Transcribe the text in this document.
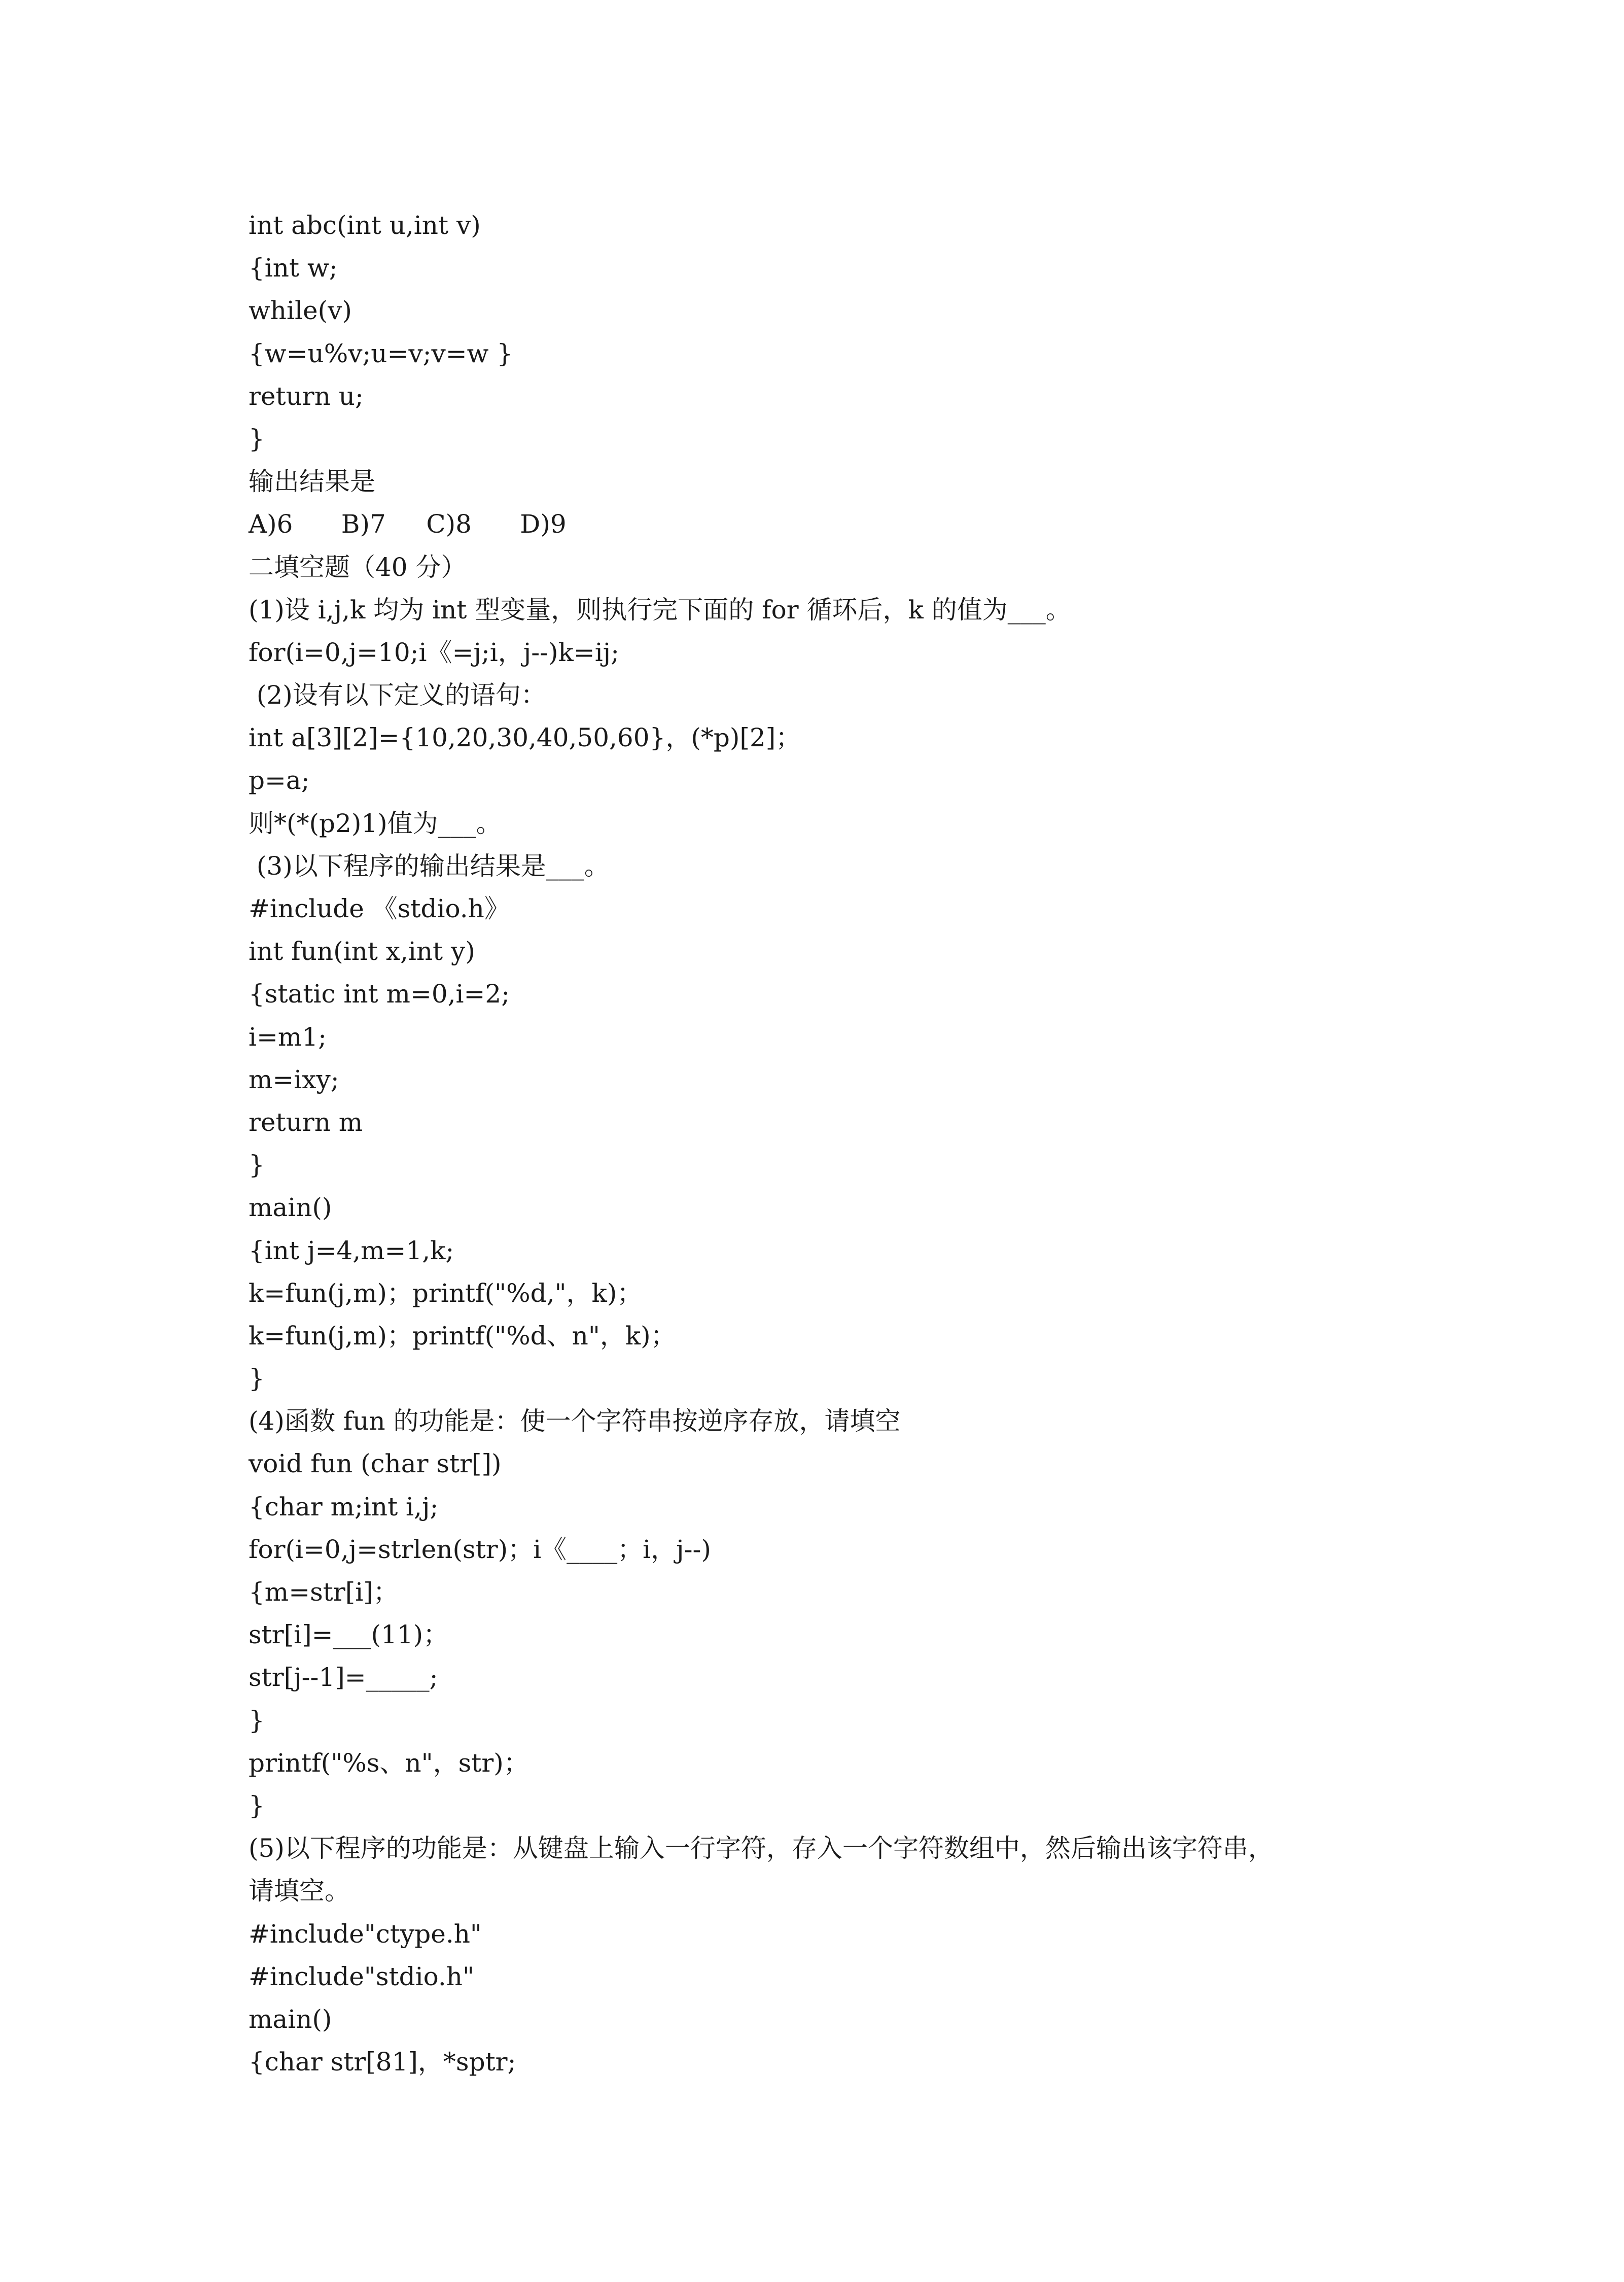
int abc(int u,int v)
{int w;
while(v)
{w=u%v;u=v;v=w }
return u;
}
输出结果是
A)6      B)7     C)8      D)9
二填空题（40 分）
(1)设 i,j,k 均为 int 型变量，则执行完下面的 for 循环后，k 的值为___。
for(i=0,j=10;i《=j;i，j--)k=ij;
(2)设有以下定义的语句：
int a[3][2]={10,20,30,40,50,60}，(*p)[2]；
p=a;
则*(*(p2)1)值为___。
(3)以下程序的输出结果是___。
#include 《stdio.h》
int fun(int x,int y)
{static int m=0,i=2;
i=m1;
m=ixy;
return m
}
main()
{int j=4,m=1,k;
k=fun(j,m)；printf("%d,"，k)；
k=fun(j,m)；printf("%d、n"，k)；
}
(4)函数 fun 的功能是：使一个字符串按逆序存放，请填空
void fun (char str[])
{char m;int i,j;
for(i=0,j=strlen(str)；i《____；i，j--)
{m=str[i]；
str[i]=___(11)；
str[j--1]=_____;
}
printf("%s、n"，str)；
}
(5)以下程序的功能是：从键盘上输入一行字符，存入一个字符数组中，然后输出该字符串，
请填空。
#include"ctype.h"
#include"stdio.h"
main()
{char str[81]，*sptr;
